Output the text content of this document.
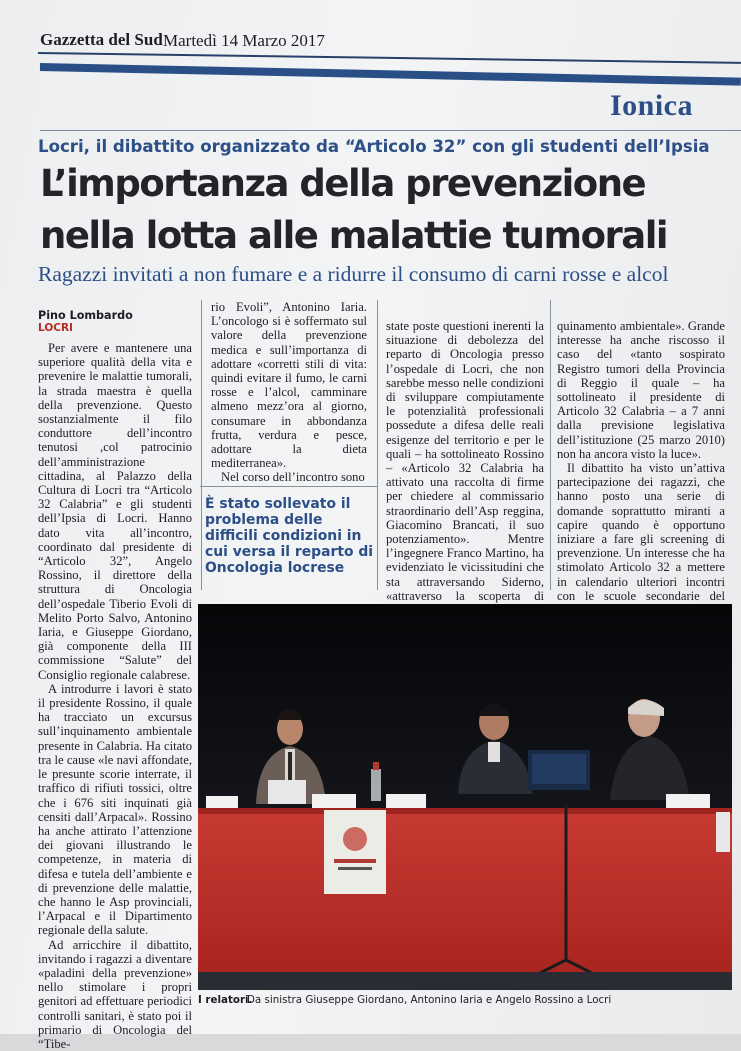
Gazzetta del Sud Martedì 14 Marzo 2017
Ionica
Locri, il dibattito organizzato da “Articolo 32” con gli studenti dell’Ipsia
L’importanza della prevenzione
nella lotta alle malattie tumorali
Ragazzi invitati a non fumare e a ridurre il consumo di carni rosse e alcol
Pino Lombardo
LOCRI

Per avere e mantenere una superiore qualità della vita e prevenire le malattie tumorali, la strada maestra è quella della prevenzione. Questo sostanzialmente il filo conduttore dell’incontro tenutosi ,col patrocinio dell’amministrazione cittadina, al Palazzo della Cultura di Locri tra “Articolo 32 Calabria” e gli studenti dell’Ipsia di Locri. Hanno dato vita all’incontro, coordinato dal presidente di “Articolo 32”, Angelo Rossino, il direttore della struttura di Oncologia dell’ospedale Tiberio Evoli di Melito Porto Salvo, Antonino Iaria, e Giuseppe Giordano, già componente della III commissione “Salute” del Consiglio regionale calabrese.

A introdurre i lavori è stato il presidente Rossino, il quale ha tracciato un excursus sull’inquinamento ambientale presente in Calabria. Ha citato tra le cause «le navi affondate, le presunte scorie interrate, il traffico di rifiuti tossici, oltre che i 676 siti inquinati già censiti dall’Arpacal». Rossino ha anche attirato l’attenzione dei giovani illustrando le competenze, in materia di difesa e tutela dell’ambiente e di prevenzione delle malattie, che hanno le Asp provinciali, l’Arpacal e il Dipartimento regionale della salute.

Ad arricchire il dibattito, invitando i ragazzi a diventare «paladini della prevenzione» nello stimolare i propri genitori ad effettuare periodici controlli sanitari, è stato poi il primario di Oncologia del “Tibe-

rio Evoli”, Antonino Iaria. L’oncologo si è soffermato sul valore della prevenzione medica e sull’importanza di adottare «corretti stili di vita: quindi evitare il fumo, le carni rosse e l’alcol, camminare almeno mezz’ora al giorno, consumare in abbondanza frutta, verdura e pesce, adottare la dieta mediterranea».

Nel corso dell’incontro sono

È stato sollevato il problema delle difficili condizioni in cui versa il reparto di Oncologia locrese

state poste questioni inerenti la situazione di debolezza del reparto di Oncologia presso l’ospedale di Locri, che non sarebbe messo nelle condizioni di sviluppare compiutamente le potenzialità professionali possedute a difesa delle reali esigenze del territorio e per le quali – ha sottolineato Rossino – «Articolo 32 Calabria ha attivato una raccolta di firme per chiedere al commissario straordinario dell’Asp reggina, Giacomino Brancati, il suo potenziamento». Mentre l’ingegnere Franco Martino, ha evidenziato le vicissitudini che sta attraversando Siderno, «attraverso la scoperta di

quinamento ambientale». Grande interesse ha anche riscosso il caso del «tanto sospirato Registro tumori della Provincia di Reggio il quale – ha sottolineato il presidente di Articolo 32 Calabria – a 7 anni dalla previsione legislativa dell’istituzione (25 marzo 2010) non ha ancora visto la luce».

Il dibattito ha visto un’attiva partecipazione dei ragazzi, che hanno posto una serie di domande soprattutto miranti a capire quando è opportuno iniziare a fare gli screening di prevenzione. Un interesse che ha stimolato Articolo 32 a mettere in calendario ulteriori incontri con le scuole secondarie del

I relatori.
Da sinistra Giuseppe Giordano, Antonino Iaria e Angelo Rossino a Locri
